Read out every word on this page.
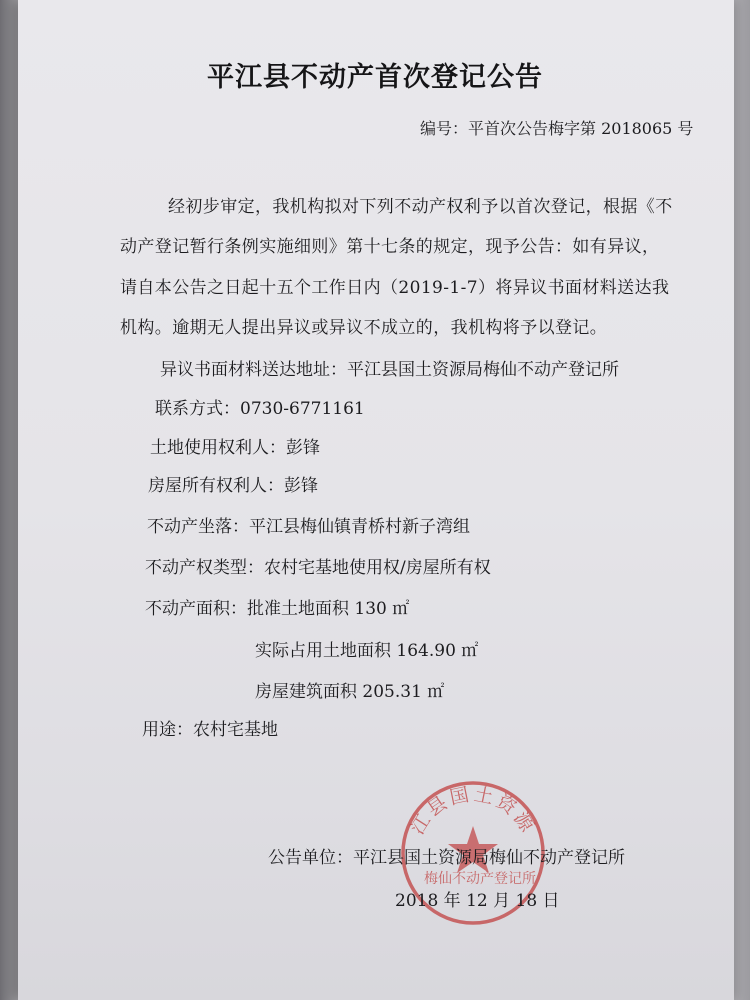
平江县不动产首次登记公告
编号：平首次公告梅字第 2018065 号
经初步审定，我机构拟对下列不动产权利予以首次登记，根据《不
动产登记暂行条例实施细则》第十七条的规定，现予公告：如有异议，
请自本公告之日起十五个工作日内（2019-1-7）将异议书面材料送达我
机构。逾期无人提出异议或异议不成立的，我机构将予以登记。
异议书面材料送达地址：平江县国土资源局梅仙不动产登记所
联系方式：0730-6771161
土地使用权利人：彭锋
房屋所有权利人：彭锋
不动产坐落：平江县梅仙镇青桥村新子湾组
不动产权类型：农村宅基地使用权/房屋所有权
不动产面积：批准土地面积 130 ㎡
实际占用土地面积 164.90 ㎡
房屋建筑面积 205.31 ㎡
用途：农村宅基地
江县国土资源
公告单位：平江县国土资源局梅仙不动产登记所
2018 年 12 月 18 日
梅仙不动产登记所
